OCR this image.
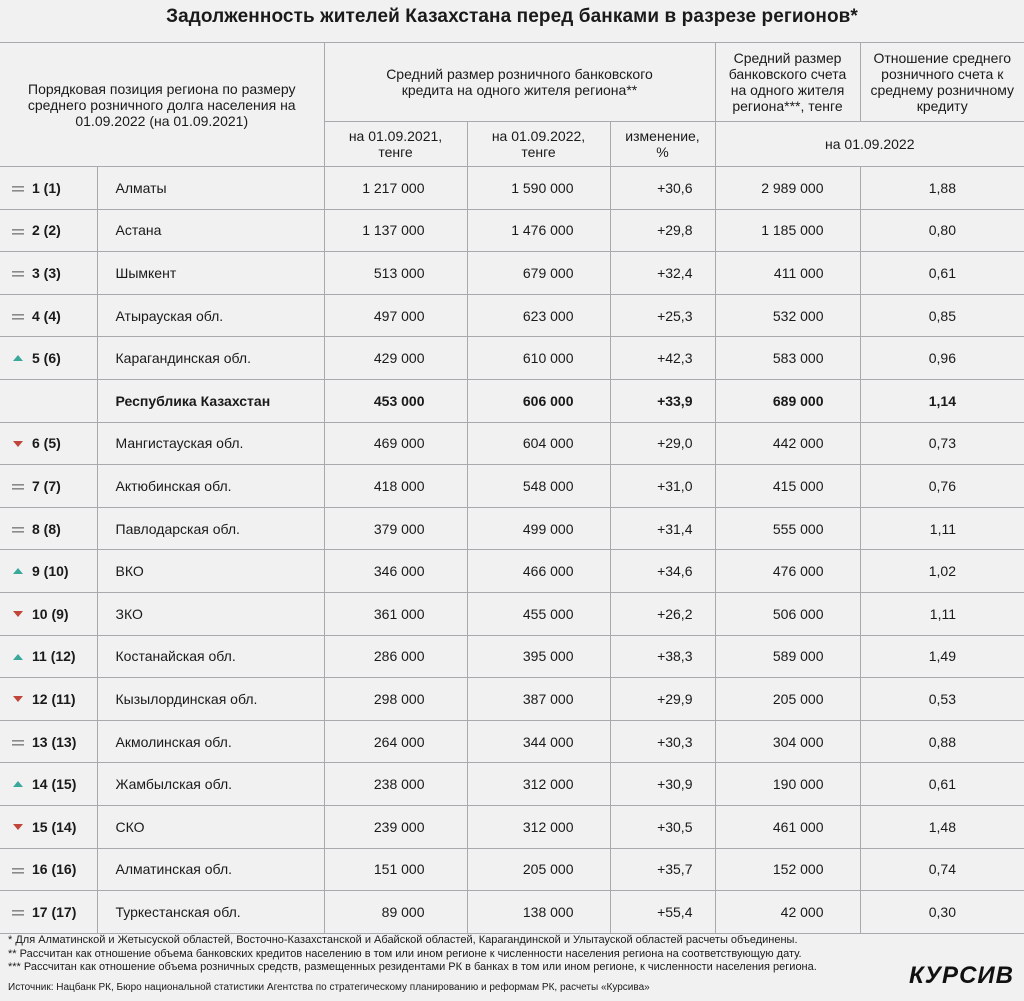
Задолженность жителей Казахстана перед банками в разрезе регионов*
Порядковая позиция региона по размеру среднего розничного долга населения на 01.09.2022 (на 01.09.2021)		Средний размер розничного банковского кредита на одного жителя региона**			Средний размер банковского счета на одного жителя региона***, тенге	Отношение среднего розничного счета к среднему розничному кредиту
		на 01.09.2021, тенге	на 01.09.2022, тенге	изменение, %	на 01.09.2022	

1 (1)	Алматы	1 217 000	1 590 000	+30,6	2 989 000	1,88

2 (2)	Астана	1 137 000	1 476 000	+29,8	1 185 000	0,80

3 (3)	Шымкент	513 000	679 000	+32,4	411 000	0,61

4 (4)	Атырауская обл.	497 000	623 000	+25,3	532 000	0,85

5 (6)	Карагандинская обл.	429 000	610 000	+42,3	583 000	0,96
	Республика Казахстан	453 000	606 000	+33,9	689 000	1,14

6 (5)	Мангистауская обл.	469 000	604 000	+29,0	442 000	0,73

7 (7)	Актюбинская обл.	418 000	548 000	+31,0	415 000	0,76

8 (8)	Павлодарская обл.	379 000	499 000	+31,4	555 000	1,11

9 (10)	ВКО	346 000	466 000	+34,6	476 000	1,02

10 (9)	ЗКО	361 000	455 000	+26,2	506 000	1,11

11 (12)	Костанайская обл.	286 000	395 000	+38,3	589 000	1,49

12 (11)	Кызылординская обл.	298 000	387 000	+29,9	205 000	0,53

13 (13)	Акмолинская обл.	264 000	344 000	+30,3	304 000	0,88

14 (15)	Жамбылская обл.	238 000	312 000	+30,9	190 000	0,61

15 (14)	СКО	239 000	312 000	+30,5	461 000	1,48

16 (16)	Алматинская обл.	151 000	205 000	+35,7	152 000	0,74

17 (17)	Туркестанская обл.	89 000	138 000	+55,4	42 000	0,30
* Для Алматинской и Жетысуской областей, Восточно-Казахстанской и Абайской областей, Карагандинской и Улытауской областей расчеты объединены.
** Рассчитан как отношение объема банковских кредитов населению в том или ином регионе к численности населения региона на соответствующую дату.
*** Рассчитан как отношение объема розничных средств, размещенных резидентами РК в банках в том или ином регионе, к численности населения региона.
Источник: Нацбанк РК, Бюро национальной статистики Агентства по стратегическому планированию и реформам РК, расчеты «Курсива»	КУРСИВ
